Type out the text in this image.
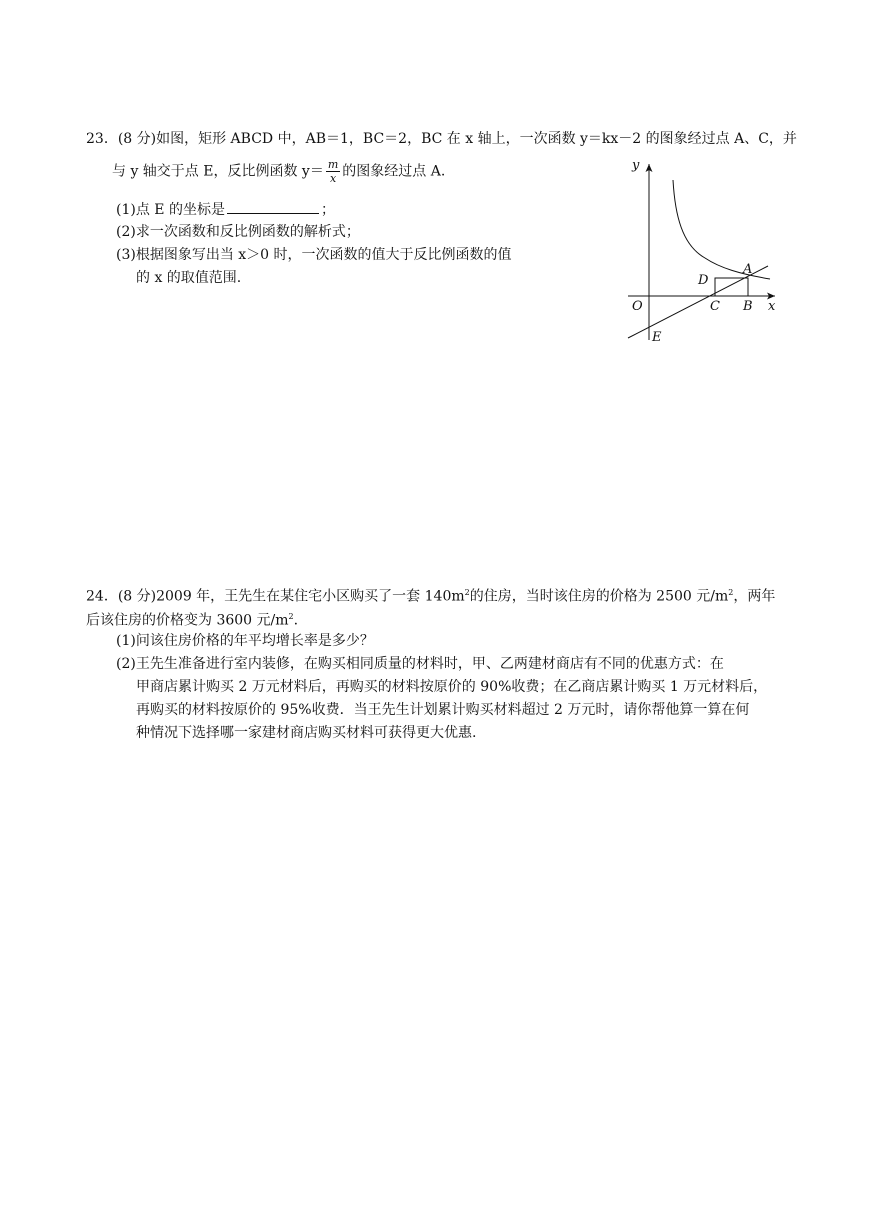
23．(8 分)如图，矩形 ABCD 中，AB＝1，BC＝2，BC 在 x 轴上，一次函数 y＝kx－2 的图象经过点 A、C，并
与 y 轴交于点 E，反比例函数 $y= \frac{m}{x}$ 的图象经过点 A.
(1)点 E 的坐标是	；
(2)求一次函数和反比例函数的解析式；
(3)根据图象写出当 x＞0 时，一次函数的值大于反比例函数的值
的 x 的取值范围.
y
x
O
A
B
C
D
E
24．(8 分)2009 年，王先生在某住宅小区购买了一套 $140m^2$的住房，当时该住房的价格为 2500 元$/m^2$，两年
后该住房的价格变为 3600 元$/m^2$.
(1)问该住房价格的年平均增长率是多少？
(2)王先生准备进行室内装修，在购买相同质量的材料时，甲、乙两建材商店有不同的优惠方式：在
甲商店累计购买 2 万元材料后，再购买的材料按原价的 90%收费；在乙商店累计购买 1 万元材料后，
再购买的材料按原价的 95%收费．当王先生计划累计购买材料超过 2 万元时，请你帮他算一算在何
种情况下选择哪一家建材商店购买材料可获得更大优惠.
